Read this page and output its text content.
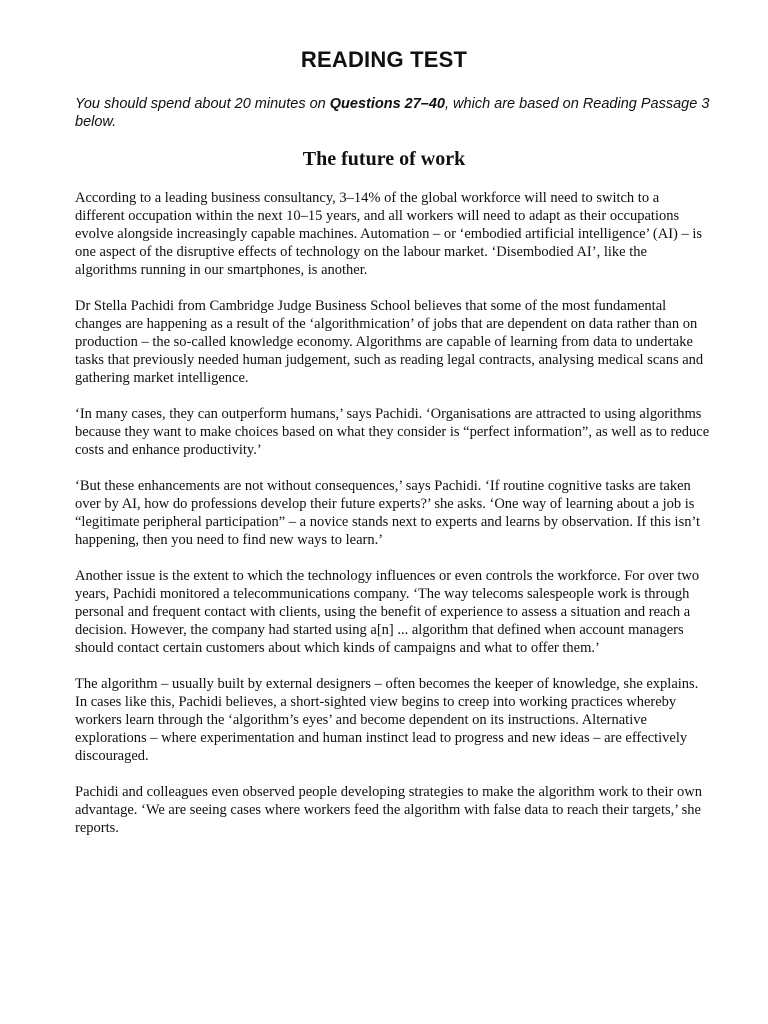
READING TEST

You should spend about 20 minutes on Questions 27–40, which are based on Reading Passage 3 below.

The future of work

According to a leading business consultancy, 3–14% of the global workforce will need to switch to a different occupation within the next 10–15 years, and all workers will need to adapt as their occupations evolve alongside increasingly capable machines. Automation – or ‘embodied artificial intelligence’ (AI) – is one aspect of the disruptive effects of technology on the labour market. ‘Disembodied AI’, like the algorithms running in our smartphones, is another.

Dr Stella Pachidi from Cambridge Judge Business School believes that some of the most fundamental changes are happening as a result of the ‘algorithmication’ of jobs that are dependent on data rather than on production – the so-called knowledge economy. Algorithms are capable of learning from data to undertake tasks that previously needed human judgement, such as reading legal contracts, analysing medical scans and gathering market intelligence.

‘In many cases, they can outperform humans,’ says Pachidi. ‘Organisations are attracted to using algorithms because they want to make choices based on what they consider is “perfect information”, as well as to reduce costs and enhance productivity.’

‘But these enhancements are not without consequences,’ says Pachidi. ‘If routine cognitive tasks are taken over by AI, how do professions develop their future experts?’ she asks. ‘One way of learning about a job is “legitimate peripheral participation” – a novice stands next to experts and learns by observation. If this isn’t happening, then you need to find new ways to learn.’

Another issue is the extent to which the technology influences or even controls the workforce. For over two years, Pachidi monitored a telecommunications company. ‘The way telecoms salespeople work is through personal and frequent contact with clients, using the benefit of experience to assess a situation and reach a decision. However, the company had started using a[n] ... algorithm that defined when account managers should contact certain customers about which kinds of campaigns and what to offer them.’

The algorithm – usually built by external designers – often becomes the keeper of knowledge, she explains. In cases like this, Pachidi believes, a short-sighted view begins to creep into working practices whereby workers learn through the ‘algorithm’s eyes’ and become dependent on its instructions. Alternative explorations – where experimentation and human instinct lead to progress and new ideas – are effectively discouraged.

Pachidi and colleagues even observed people developing strategies to make the algorithm work to their own advantage. ‘We are seeing cases where workers feed the algorithm with false data to reach their targets,’ she reports.
